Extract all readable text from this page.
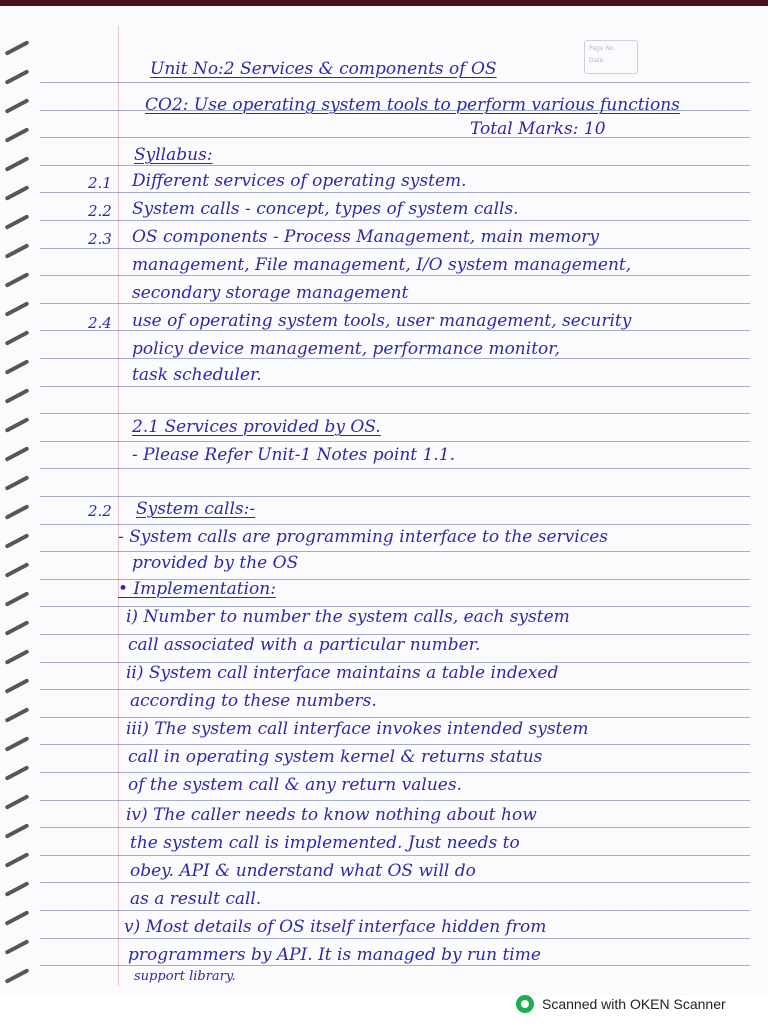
Page No.
Date
Unit No:2 Services & components of OS
CO2: Use operating system tools to perform various functions
Total Marks: 10
Syllabus:
2.1 Different services of operating system.
2.2 System calls - concept, types of system calls.
2.3 OS components - Process Management, main memory
management, File management, I/O system management,
secondary storage management
2.4 use of operating system tools, user management, security
policy device management, performance monitor,
task scheduler.
2.1 Services provided by OS.
- Please Refer Unit-1 Notes point 1.1.
2.2 System calls:-
- System calls are programming interface to the services
provided by the OS
• Implementation:
i) Number to number the system calls, each system
call associated with a particular number.
ii) System call interface maintains a table indexed
according to these numbers.
iii) The system call interface invokes intended system
call in operating system kernel & returns status
of the system call & any return values.
iv) The caller needs to know nothing about how
the system call is implemented. Just needs to
obey. API & understand what OS will do
as a result call.
v) Most details of OS itself interface hidden from
programmers by API. It is managed by run time
support library.
Scanned with OKEN Scanner
